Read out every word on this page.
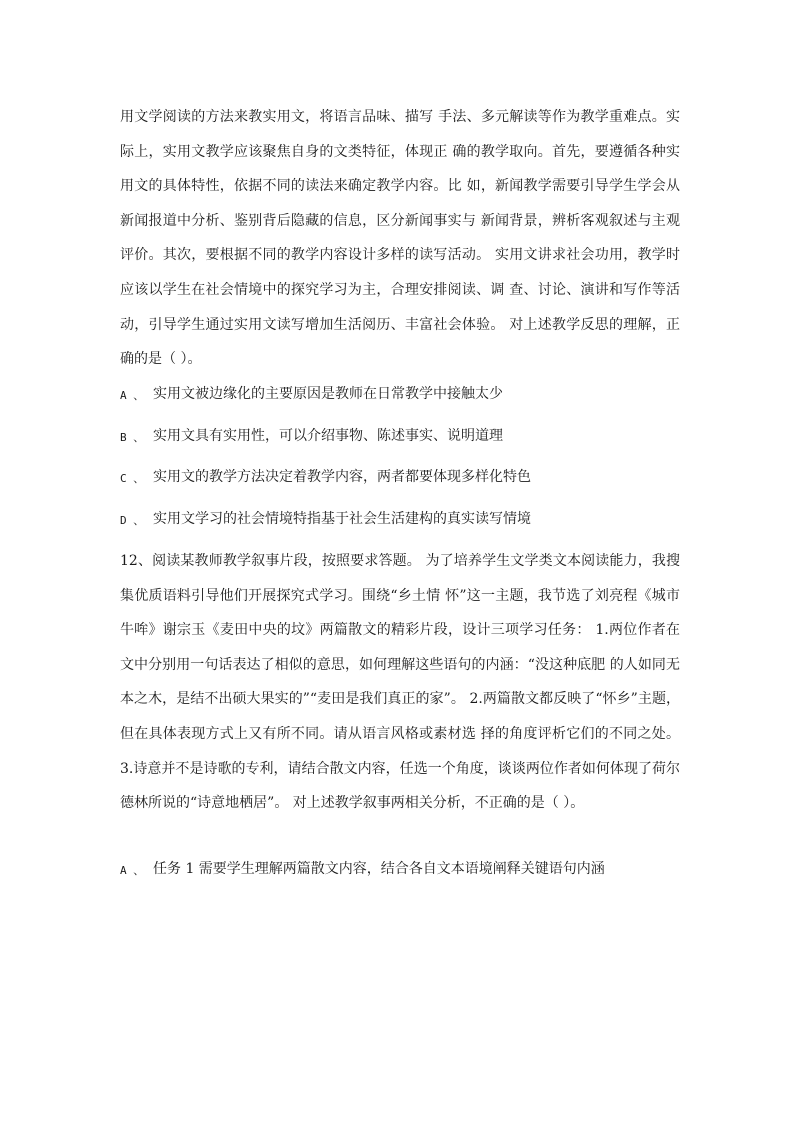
用文学阅读的方法来教实用文，将语言品味、描写 手法、多元解读等作为教学重难点。实际上，实用文教学应该聚焦自身的文类特征，体现正 确的教学取向。首先，要遵循各种实用文的具体特性，依据不同的读法来确定教学内容。比 如，新闻教学需要引导学生学会从新闻报道中分析、鉴别背后隐藏的信息，区分新闻事实与 新闻背景，辨析客观叙述与主观评价。其次，要根据不同的教学内容设计多样的读写活动。 实用文讲求社会功用，教学时应该以学生在社会情境中的探究学习为主，合理安排阅读、调 查、讨论、演讲和写作等活动，引导学生通过实用文读写增加生活阅历、丰富社会体验。 对上述教学反思的理解，正确的是（ ）。

A 、 实用文被边缘化的主要原因是教师在日常教学中接触太少
B 、 实用文具有实用性，可以介绍事物、陈述事实、说明道理
C 、 实用文的教学方法决定着教学内容，两者都要体现多样化特色
D 、 实用文学习的社会情境特指基于社会生活建构的真实读写情境

12、阅读某教师教学叙事片段，按照要求答题。 为了培养学生文学类文本阅读能力，我搜集优质语料引导他们开展探究式学习。围绕“乡土情 怀”这一主题，我节选了刘亮程《城市牛哞》谢宗玉《麦田中央的坟》两篇散文的精彩片段，设计三项学习任务： 1.两位作者在文中分别用一句话表达了相似的意思，如何理解这些语句的内涵：“没这种底肥 的人如同无本之木，是结不出硕大果实的”“麦田是我们真正的家”。 2.两篇散文都反映了“怀乡”主题，但在具体表现方式上又有所不同。请从语言风格或素材选 择的角度评析它们的不同之处。 3.诗意并不是诗歌的专利，请结合散文内容，任选一个角度，谈谈两位作者如何体现了荷尔 德林所说的“诗意地栖居”。 对上述教学叙事两相关分析，不正确的是（ ）。

A 、 任务 1 需要学生理解两篇散文内容，结合各自文本语境阐释关键语句内涵
